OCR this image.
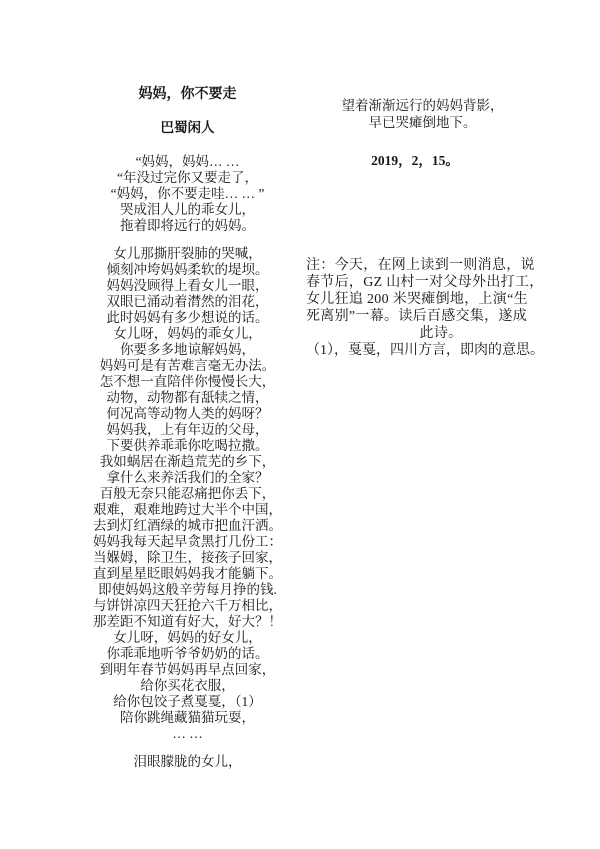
妈妈，你不要走
巴蜀闲人
“妈妈，妈妈… …
“年没过完你又要走了，
“妈妈，你不要走哇… … ”
哭成泪人儿的乖女儿，
拖着即将远行的妈妈。
女儿那撕肝裂肺的哭喊，
倾刻冲垮妈妈柔软的堤坝。
妈妈没顾得上看女儿一眼，
双眼已涌动着潸然的泪花，
此时妈妈有多少想说的话。
女儿呀，妈妈的乖女儿，
你要多多地谅解妈妈，
妈妈可是有苦难言毫无办法。
怎不想一直陪伴你慢慢长大，
动物，动物都有舐犊之情，
何况高等动物人类的妈呀？
妈妈我，上有年迈的父母，
下要供养乖乖你吃喝拉撒。
我如蜗居在渐趋荒芜的乡下，
拿什么来养活我们的全家？
百般无奈只能忍痛把你丢下，
艰难，艰难地跨过大半个中国，
去到灯红酒绿的城市把血汗洒。
妈妈我每天起早贪黑打几份工：
当媬姆，除卫生，接孩子回家，
直到星星眨眼妈妈我才能躺下。
即使妈妈这般辛劳每月挣的钱.
与饼饼凉四天狂抢六千万相比，
那差距不知道有好大，好大？！
女儿呀，妈妈的好女儿，
你乖乖地听爷爷奶奶的话。
到明年春节妈妈再早点回家，
给你买花衣服，
给你包饺子煮戛戛，（1）
陪你跳绳藏猫猫玩耍，
… …
泪眼朦胧的女儿，
望着渐渐远行的妈妈背影，
早已哭瘫倒地下。
2019，2，15。
注：今天，在网上读到一则消息，说
春节后，GZ 山村一对父母外出打工，
女儿狂追 200 米哭瘫倒地，上演“生
死离别”一幕。读后百感交集，遂成
此诗。
（1），戛戛，四川方言，即肉的意思。
